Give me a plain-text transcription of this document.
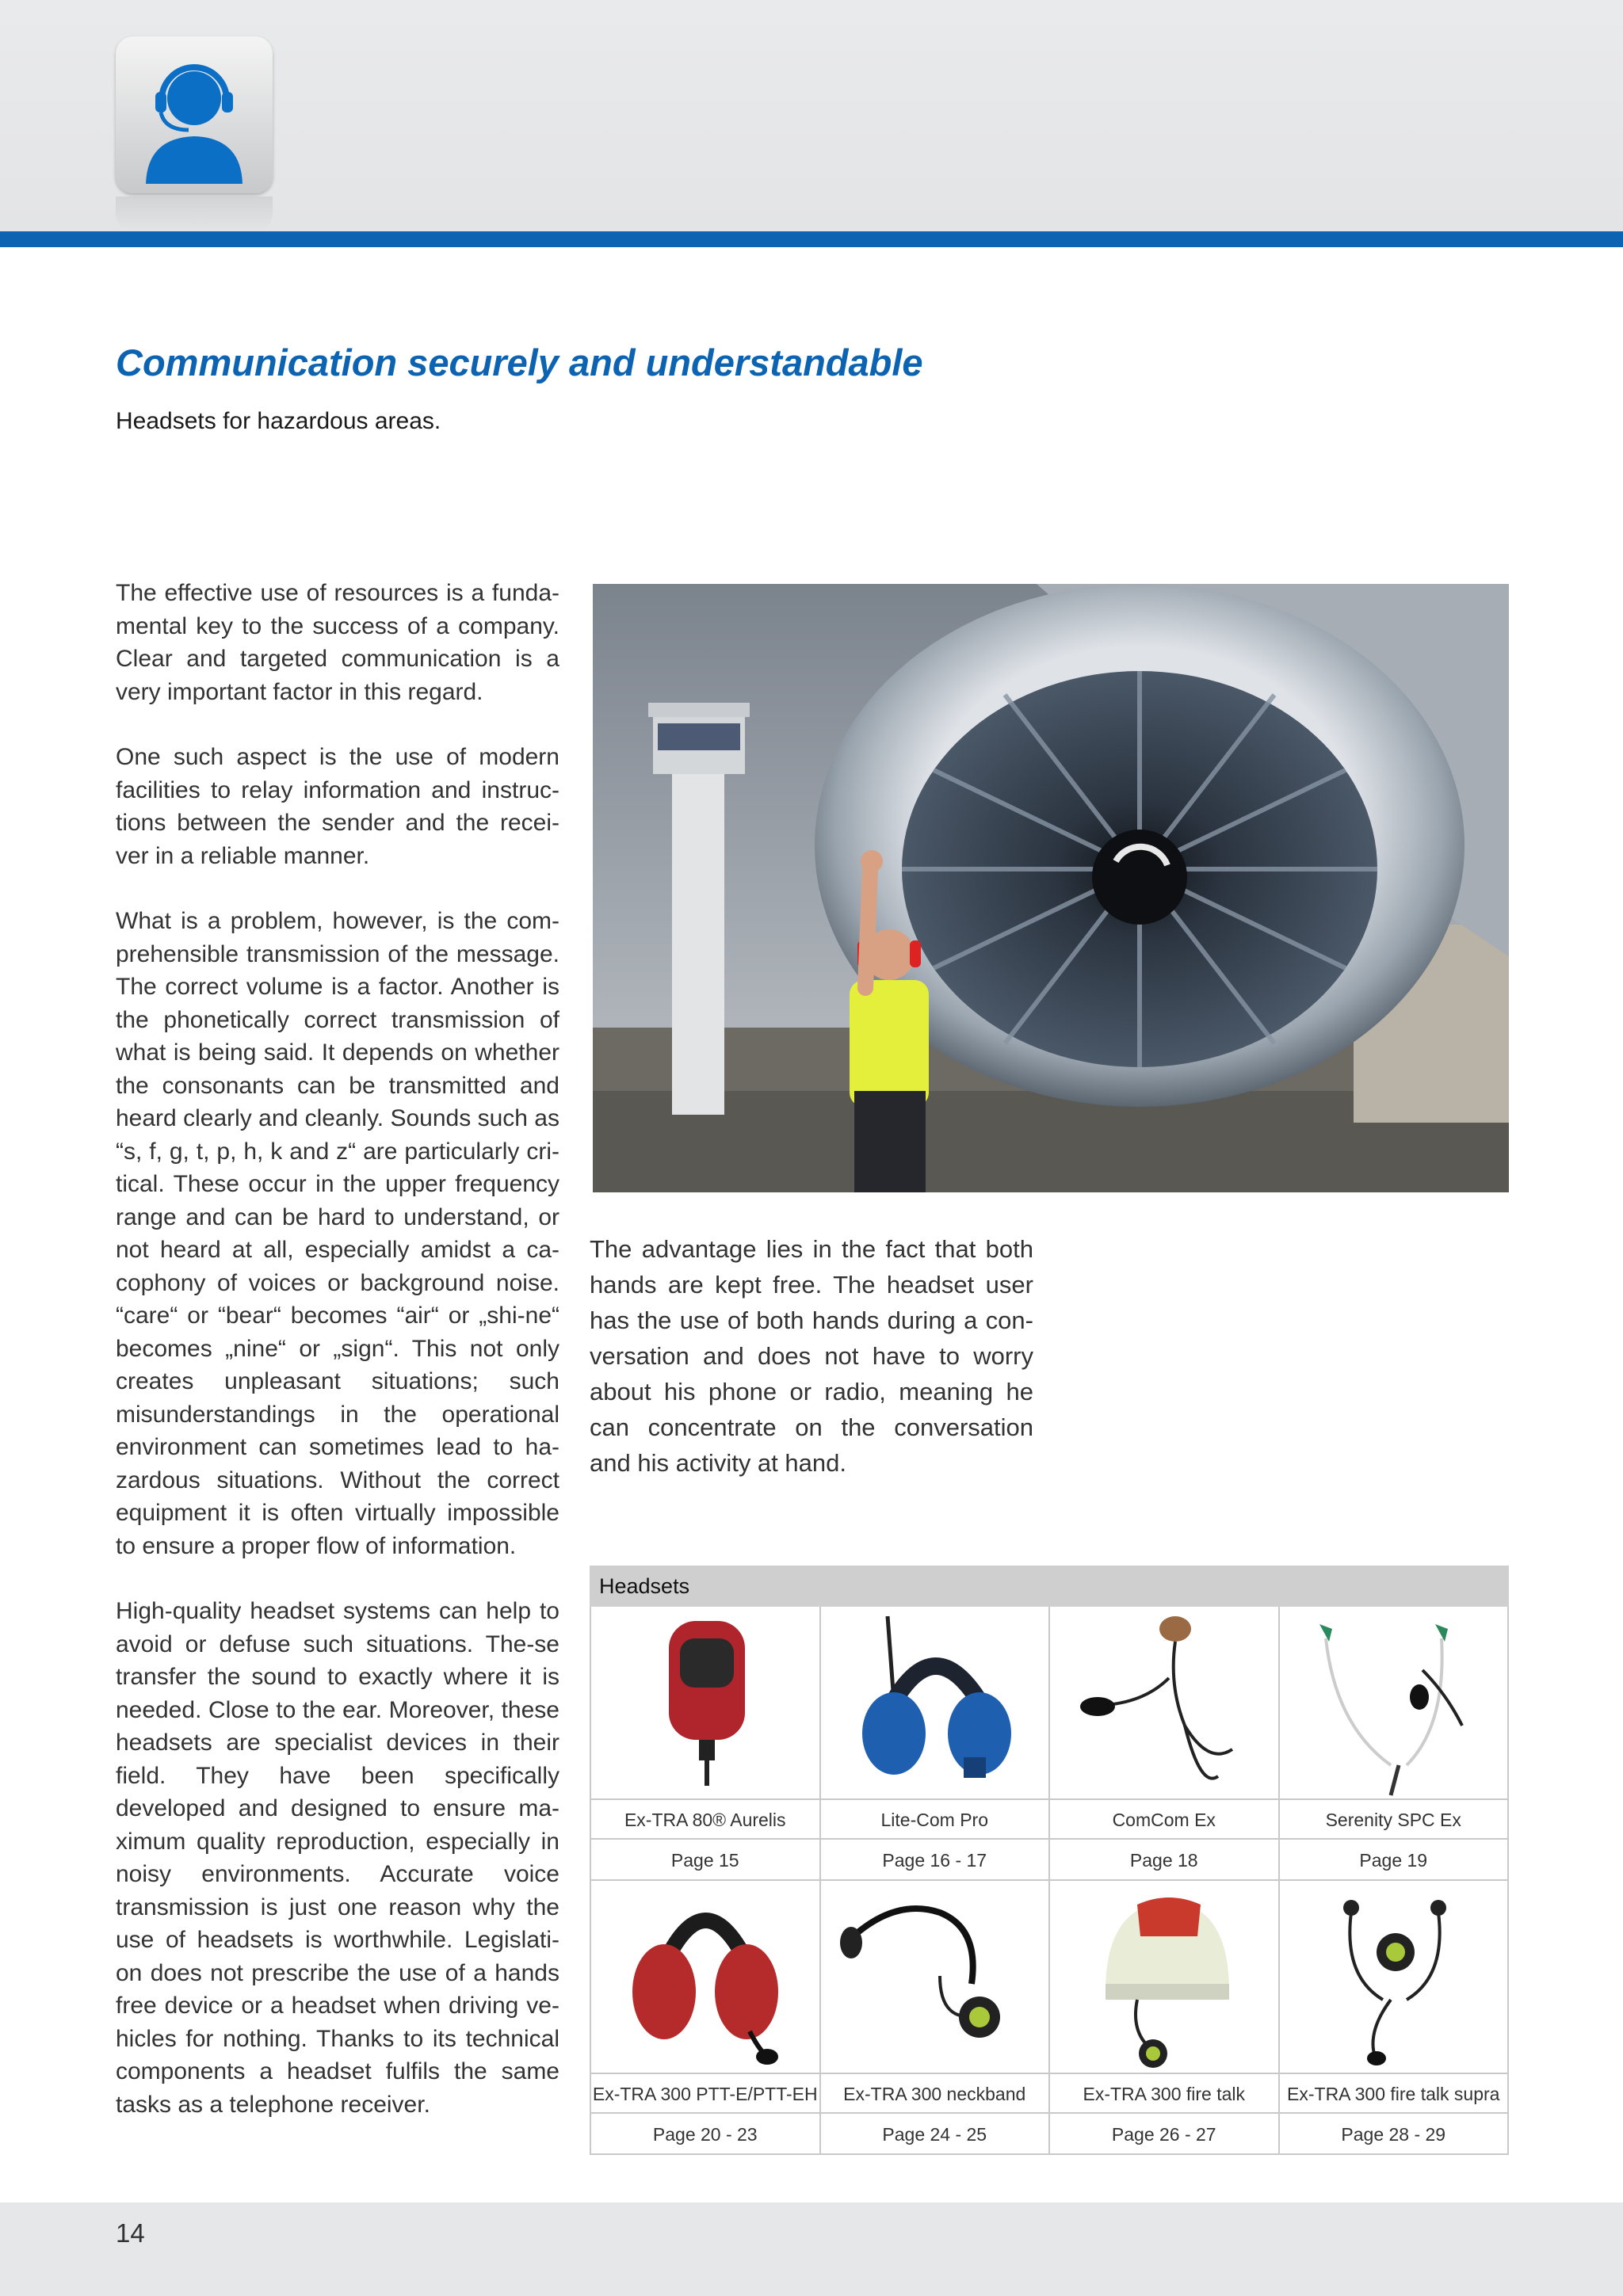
Communication securely and understandable

Headsets for hazardous areas.

The effective use of resources is a funda-mental key to the success of a company. Clear and targeted communication is a very important factor in this regard.

One such aspect is the use of modern facilities to relay information and instruc-tions between the sender and the recei-ver in a reliable manner.

What is a problem, however, is the com-prehensible transmission of the message. The correct volume is a factor. Another is the phonetically correct transmission of what is being said. It depends on whether the consonants can be transmitted and heard clearly and cleanly. Sounds such as “s, f, g, t, p, h, k and z“ are particularly cri-tical. These occur in the upper frequency range and can be hard to understand, or not heard at all, especially amidst a ca-cophony of voices or background noise. “care“ or “bear“ becomes “air“ or „shi-ne“ becomes „nine“ or „sign“. This not only creates unpleasant situations; such misunderstandings in the operational environment can sometimes lead to ha-zardous situations. Without the correct equipment it is often virtually impossible to ensure a proper flow of information.

High-quality headset systems can help to avoid or defuse such situations. The-se transfer the sound to exactly where it is needed. Close to the ear. Moreover, these headsets are specialist devices in their field. They have been specifically developed and designed to ensure ma-ximum quality reproduction, especially in noisy environments. Accurate voice transmission is just one reason why the use of headsets is worthwhile. Legislati-on does not prescribe the use of a hands free device or a headset when driving ve-hicles for nothing. Thanks to its technical components a headset fulfils the same tasks as a telephone receiver.

The advantage lies in the fact that both hands are kept free. The headset user has the use of both hands during a con-versation and does not have to worry about his phone or radio, meaning he can concentrate on the conversation and his activity at hand.

Headsets
Ex-TRA 80® Aurelis	Lite-Com Pro	ComCom Ex	Serenity SPC Ex
Page 15	Page 16 - 17	Page 18	Page 19
Ex-TRA 300 PTT-E/PTT-EH	Ex-TRA 300 neckband	Ex-TRA 300 fire talk	Ex-TRA 300 fire talk supra
Page 20 - 23	Page 24 - 25	Page 26 - 27	Page 28 - 29
14
